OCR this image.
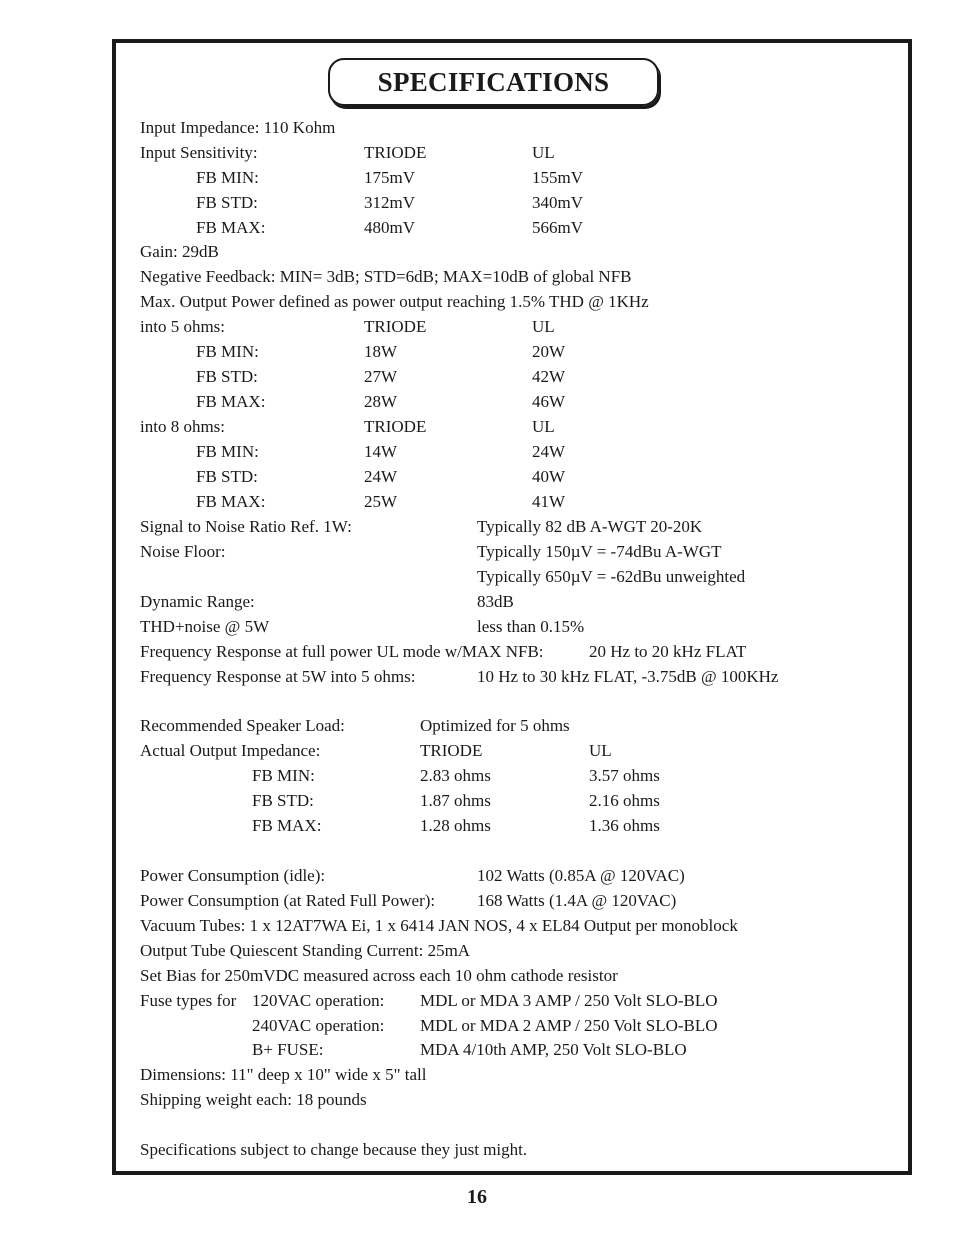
SPECIFICATIONS
Input Impedance: 110 Kohm
Input Sensitivity:	TRIODE	UL
FB MIN:	175mV	155mV
FB STD:	312mV	340mV
FB MAX:	480mV	566mV
Gain: 29dB
Negative Feedback: MIN= 3dB; STD=6dB; MAX=10dB of global NFB
Max. Output Power defined as power output reaching 1.5% THD @ 1KHz
into 5 ohms:	TRIODE	UL
FB MIN:	18W	20W
FB STD:	27W	42W
FB MAX:	28W	46W
into 8 ohms:	TRIODE	UL
FB MIN:	14W	24W
FB STD:	24W	40W
FB MAX:	25W	41W
Signal to Noise Ratio Ref. 1W:	Typically 82 dB A-WGT 20-20K
Noise Floor:	Typically 150µV = -74dBu A-WGT
Typically 650µV = -62dBu unweighted
Dynamic Range:	83dB
THD+noise @ 5W	less than 0.15%
Frequency Response at full power UL mode w/MAX NFB:	20 Hz to 20 kHz FLAT
Frequency Response at 5W into 5 ohms:	10 Hz to 30 kHz FLAT, -3.75dB @ 100KHz
Recommended Speaker Load:	Optimized for 5 ohms
Actual Output Impedance:	TRIODE	UL
FB MIN:	2.83 ohms	3.57 ohms
FB STD:	1.87 ohms	2.16 ohms
FB MAX:	1.28 ohms	1.36 ohms
Power Consumption (idle):	102 Watts (0.85A @ 120VAC)
Power Consumption (at Rated Full Power): 168 Watts (1.4A @ 120VAC)
Vacuum Tubes: 1 x 12AT7WA Ei, 1 x 6414 JAN NOS, 4 x EL84 Output per monoblock
Output Tube Quiescent Standing Current: 25mA
Set Bias for 250mVDC measured across each 10 ohm cathode resistor
Fuse types for 120VAC operation: MDL or MDA 3 AMP / 250 Volt SLO-BLO
240VAC operation: MDL or MDA 2 AMP / 250 Volt SLO-BLO
B+ FUSE:	MDA 4/10th AMP, 250 Volt SLO-BLO
Dimensions: 11" deep x 10" wide x 5" tall
Shipping weight each: 18 pounds
Specifications subject to change because they just might.
16
